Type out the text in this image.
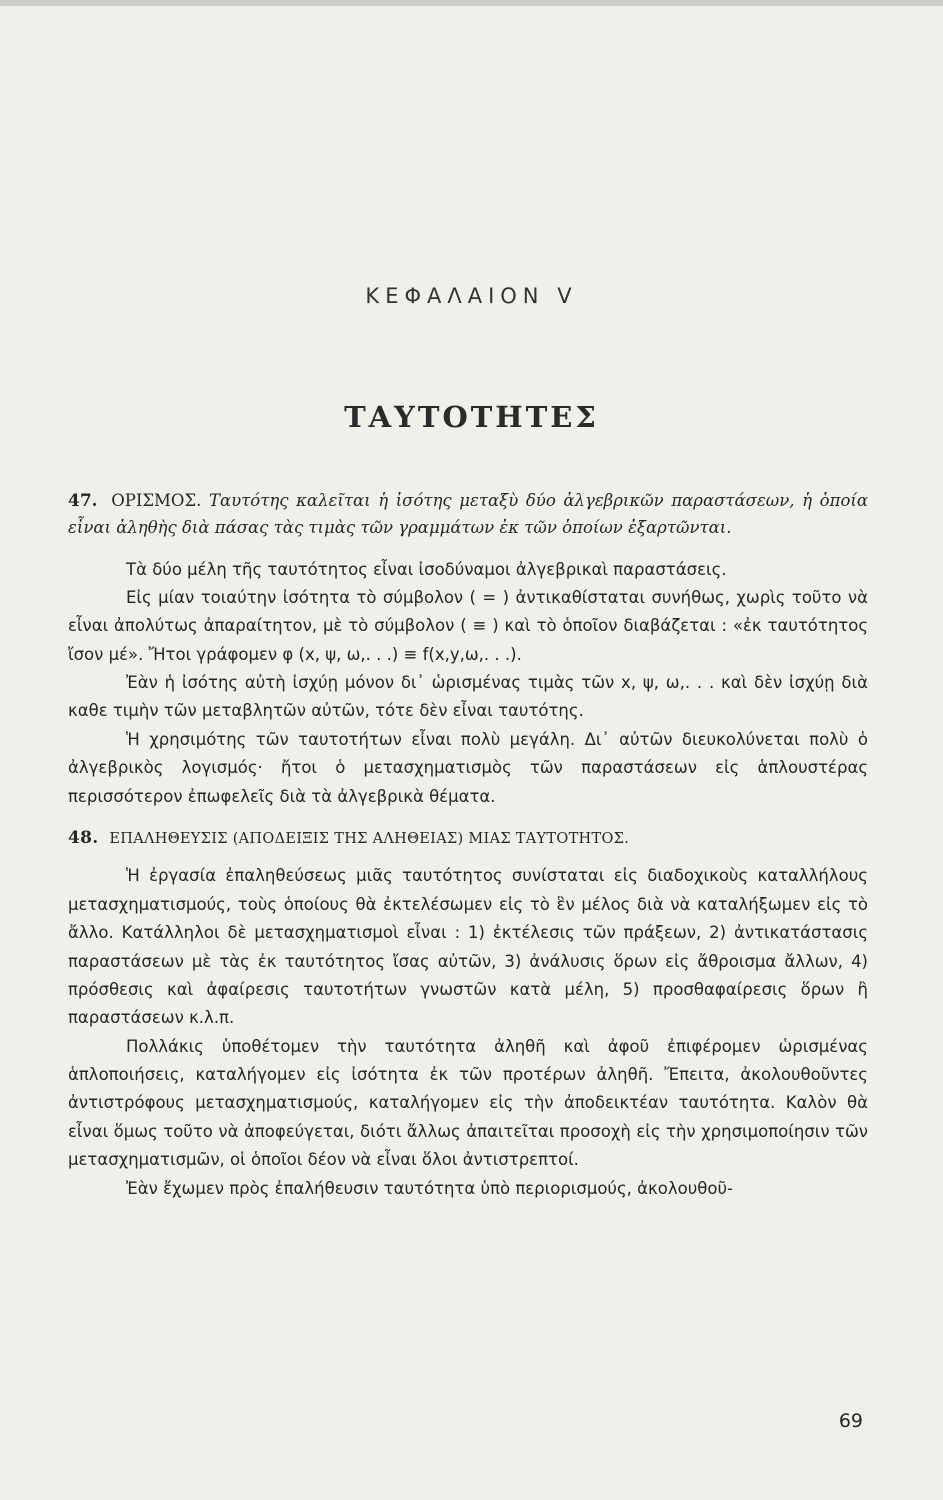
ΚΕΦΑΛΑΙΟΝ V
ΤΑΥΤΟΤΗΤΕΣ

47. ΟΡΙΣΜΟΣ. Ταυτότης καλεῖται ἡ ἰσότης μεταξὺ δύο ἀλγεβρικῶν παραστάσεων, ἡ ὁποία εἶναι ἀληθὴς διὰ πάσας τὰς τιμὰς τῶν γραμμάτων ἐκ τῶν ὁποίων ἐξαρτῶνται.

Τὰ δύο μέλη τῆς ταυτότητος εἶναι ἰσοδύναμοι ἀλγεβρικαὶ παραστάσεις.

Εἰς μίαν τοιαύτην ἰσότητα τὸ σύμβολον ( = ) ἀντικαθίσταται συνήθως, χωρὶς τοῦτο νὰ εἶναι ἀπολύτως ἀπαραίτητον, μὲ τὸ σύμβολον ( ≡ ) καὶ τὸ ὁποῖον διαβάζεται : «ἐκ ταυτότητος ἴσον μέ». Ἤτοι γράφομεν φ (x, ψ, ω,. . .) ≡ f(x,y,ω,. . .).

Ἐὰν ἡ ἰσότης αὐτὴ ἰσχύῃ μόνον δι᾽ ὡρισμένας τιμὰς τῶν x, ψ, ω,. . . καὶ δὲν ἰσχύῃ διὰ καθε τιμὴν τῶν μεταβλητῶν αὐτῶν, τότε δὲν εἶναι ταυτότης.

Ἡ χρησιμότης τῶν ταυτοτήτων εἶναι πολὺ μεγάλη. Δι᾽ αὐτῶν διευκολύνεται πολὺ ὁ ἀλγεβρικὸς λογισμός· ἤτοι ὁ μετασχηματισμὸς τῶν παραστάσεων εἰς ἁπλουστέρας περισσότερον ἐπωφελεῖς διὰ τὰ ἀλγεβρικὰ θέματα.

48. ΕΠΑΛΗΘΕΥΣΙΣ (ΑΠΟΔΕΙΞΙΣ ΤΗΣ ΑΛΗΘΕΙΑΣ) ΜΙΑΣ ΤΑΥΤΟΤΗΤΟΣ.

Ἡ ἐργασία ἐπαληθεύσεως μιᾶς ταυτότητος συνίσταται εἰς διαδοχικοὺς καταλλήλους μετασχηματισμούς, τοὺς ὁποίους θὰ ἐκτελέσωμεν εἰς τὸ ἓν μέλος διὰ νὰ καταλήξωμεν εἰς τὸ ἄλλο. Κατάλληλοι δὲ μετασχηματισμοὶ εἶναι : 1) ἐκτέλεσις τῶν πράξεων, 2) ἀντικατάστασις παραστάσεων μὲ τὰς ἐκ ταυτότητος ἴσας αὐτῶν, 3) ἀνάλυσις ὅρων εἰς ἄθροισμα ἄλλων, 4) πρόσθεσις καὶ ἀφαίρεσις ταυτοτήτων γνωστῶν κατὰ μέλη, 5) προσθαφαίρεσις ὅρων ἢ παραστάσεων κ.λ.π.

Πολλάκις ὑποθέτομεν τὴν ταυτότητα ἀληθῆ καὶ ἀφοῦ ἐπιφέρομεν ὡρισμένας ἁπλοποιήσεις, καταλήγομεν εἰς ἰσότητα ἐκ τῶν προτέρων ἀληθῆ. Ἔπειτα, ἀκολουθοῦντες ἀντιστρόφους μετασχηματισμούς, καταλήγομεν εἰς τὴν ἀποδεικτέαν ταυτότητα. Καλὸν θὰ εἶναι ὅμως τοῦτο νὰ ἀποφεύγεται, διότι ἄλλως ἀπαιτεῖται προσοχὴ εἰς τὴν χρησιμοποίησιν τῶν μετασχηματισμῶν, οἱ ὁποῖοι δέον νὰ εἶναι ὅλοι ἀντιστρεπτοί.

Ἐὰν ἔχωμεν πρὸς ἐπαλήθευσιν ταυτότητα ὑπὸ περιορισμούς, ἀκολουθοῦ-

69
